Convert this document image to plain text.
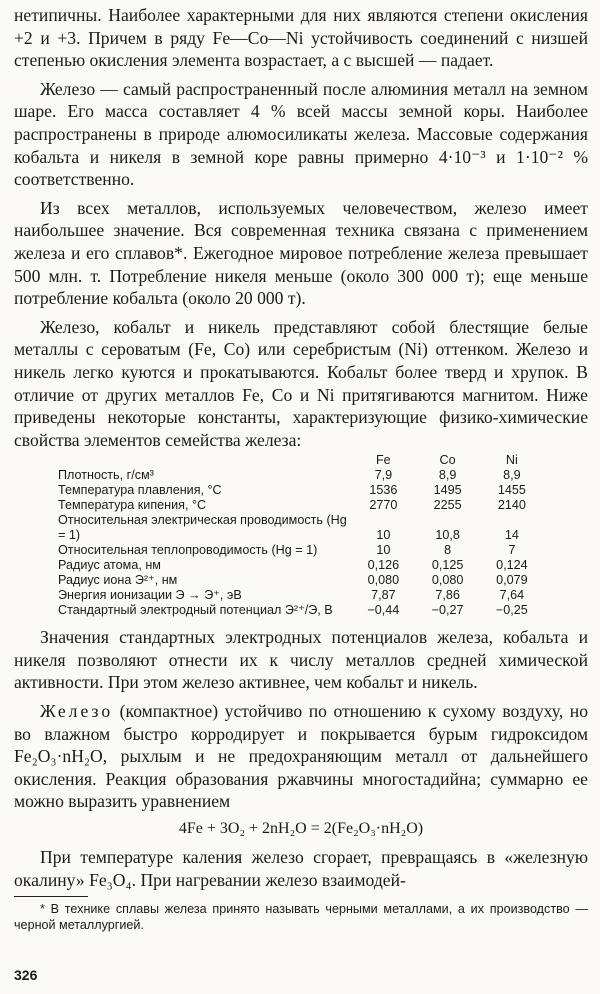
нетипичны. Наиболее характерными для них являются степени окисления +2 и +3. Причем в ряду Fe—Co—Ni устойчивость соединений с низшей степенью окисления элемента возрастает, а с высшей — падает.

Железо — самый распространенный после алюминия металл на земном шаре. Его масса составляет 4 % всей массы земной коры. Наиболее распространены в природе алюмосиликаты железа. Массовые содержания кобальта и никеля в земной коре равны примерно 4·10⁻³ и 1·10⁻² % соответственно.

Из всех металлов, используемых человечеством, железо имеет наибольшее значение. Вся современная техника связана с применением железа и его сплавов*. Ежегодное мировое потребление железа превышает 500 млн. т. Потребление никеля меньше (около 300 000 т); еще меньше потребление кобальта (около 20 000 т).

Железо, кобальт и никель представляют собой блестящие белые металлы с сероватым (Fe, Co) или серебристым (Ni) оттенком. Железо и никель легко куются и прокатываются. Кобальт более тверд и хрупок. В отличие от других металлов Fe, Co и Ni притягиваются магнитом. Ниже приведены некоторые константы, характеризующие физико-химические свойства элементов семейства железа:

	Fe	Co	Ni
Плотность, г/см³	7,9	8,9	8,9
Температура плавления, °С	1536	1495	1455
Температура кипения, °С	2770	2255	2140
Относительная электрическая проводимость (Hg = 1)	10	10,8	14
Относительная теплопроводимость (Hg = 1)	10	8	7
Радиус атома, нм	0,126	0,125	0,124
Радиус иона Э²⁺, нм	0,080	0,080	0,079
Энергия ионизации Э → Э⁺, эВ	7,87	7,86	7,64
Стандартный электродный потенциал Э²⁺/Э, В	−0,44	−0,27	−0,25

Значения стандартных электродных потенциалов железа, кобальта и никеля позволяют отнести их к числу металлов средней химической активности. При этом железо активнее, чем кобальт и никель.

Железо (компактное) устойчиво по отношению к сухому воздуху, но во влажном быстро корродирует и покрывается бурым гидроксидом Fe₂O₃·nH₂O, рыхлым и не предохраняющим металл от дальнейшего окисления. Реакция образования ржавчины многостадийна; суммарно ее можно выразить уравнением

4Fe + 3O₂ + 2nH₂O = 2(Fe₂O₃·nH₂O)

При температуре каления железо сгорает, превращаясь в «железную окалину» Fe₃O₄. При нагревании железо взаимодей-

* В технике сплавы железа принято называть черными металлами, а их производство — черной металлургией.

326
